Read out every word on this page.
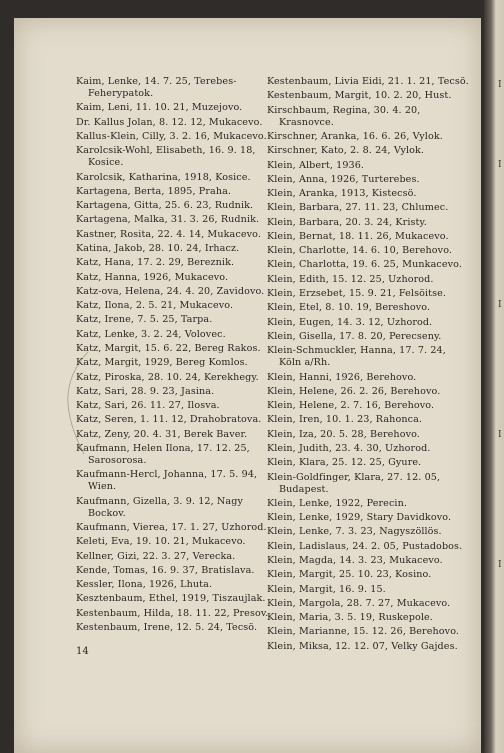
Kaim, Lenke, 14. 7. 25, Terebes-Feherypatok.
Kaim, Leni, 11. 10. 21, Muzejovo.
Dr. Kallus Jolan, 8. 12. 12, Mukacevo.
Kallus-Klein, Cilly, 3. 2. 16, Mukacevo.
Karolcsik-Wohl, Elisabeth, 16. 9. 18, Kosice.
Karolcsik, Katharina, 1918, Kosice.
Kartagena, Berta, 1895, Praha.
Kartagena, Gitta, 25. 6. 23, Rudnik.
Kartagena, Malka, 31. 3. 26, Rudnik.
Kastner, Rosita, 22. 4. 14, Mukacevo.
Katina, Jakob, 28. 10. 24, Irhacz.
Katz, Hana, 17. 2. 29, Bereznik.
Katz, Hanna, 1926, Mukacevo.
Katz-ova, Helena, 24. 4. 20, Zavidovo.
Katz, Ilona, 2. 5. 21, Mukacevo.
Katz, Irene, 7. 5. 25, Tarpa.
Katz, Lenke, 3. 2. 24, Volovec.
Katz, Margit, 15. 6. 22, Bereg Rakos.
Katz, Margit, 1929, Bereg Komlos.
Katz, Piroska, 28. 10. 24, Kerekhegy.
Katz, Sari, 28. 9. 23, Jasina.
Katz, Sari, 26. 11. 27, Ilosva.
Katz, Seren, 1. 11. 12, Drahobratova.
Katz, Zeny, 20. 4. 31, Berek Baver.
Kaufmann, Helen Ilona, 17. 12. 25, Sarosorosa.
Kaufmann-Hercl, Johanna, 17. 5. 94, Wien.
Kaufmann, Gizella, 3. 9. 12, Nagy Bockov.
Kaufmann, Vierea, 17. 1. 27, Uzhorod.
Keleti, Eva, 19. 10. 21, Mukacevo.
Kellner, Gizi, 22. 3. 27, Verecka.
Kende, Tomas, 16. 9. 37, Bratislava.
Kessler, Ilona, 1926, Lhuta.
Kesztenbaum, Ethel, 1919, Tiszaujlak.
Kestenbaum, Hilda, 18. 11. 22, Presov.
Kestenbaum, Irene, 12. 5. 24, Tecsö.
Kestenbaum, Livia Eidi, 21. 1. 21, Tecsö.
Kestenbaum, Margit, 10. 2. 20, Hust.
Kirschbaum, Regina, 30. 4. 20, Krasnovce.
Kirschner, Aranka, 16. 6. 26, Vylok.
Kirschner, Kato, 2. 8. 24, Vylok.
Klein, Albert, 1936.
Klein, Anna, 1926, Turterebes.
Klein, Aranka, 1913, Kistecsö.
Klein, Barbara, 27. 11. 23, Chlumec.
Klein, Barbara, 20. 3. 24, Kristy.
Klein, Bernat, 18. 11. 26, Mukacevo.
Klein, Charlotte, 14. 6. 10, Berehovo.
Klein, Charlotta, 19. 6. 25, Munkacevo.
Klein, Edith, 15. 12. 25, Uzhorod.
Klein, Erzsebet, 15. 9. 21, Felsöitse.
Klein, Etel, 8. 10. 19, Bereshovo.
Klein, Eugen, 14. 3. 12, Uzhorod.
Klein, Gisella, 17. 8. 20, Perecseny.
Klein-Schmuckler, Hanna, 17. 7. 24, Köln a/Rh.
Klein, Hanni, 1926, Berehovo.
Klein, Helene, 26. 2. 26, Berehovo.
Klein, Helene, 2. 7. 16, Berehovo.
Klein, Iren, 10. 1. 23, Rahonca.
Klein, Iza, 20. 5. 28, Berehovo.
Klein, Judith, 23. 4. 30, Uzhorod.
Klein, Klara, 25. 12. 25, Gyure.
Klein-Goldfinger, Klara, 27. 12. 05, Budapest.
Klein, Lenke, 1922, Perecin.
Klein, Lenke, 1929, Stary Davidkovo.
Klein, Lenke, 7. 3. 23, Nagyszöllös.
Klein, Ladislaus, 24. 2. 05, Pustadobos.
Klein, Magda, 14. 3. 23, Mukacevo.
Klein, Margit, 25. 10. 23, Kosino.
Klein, Margit, 16. 9. 15.
Klein, Margola, 28. 7. 27, Mukacevo.
Klein, Maria, 3. 5. 19, Ruskepole.
Klein, Marianne, 15. 12. 26, Berehovo.
Klein, Miksa, 12. 12. 07, Velky Gajdes.
14
I
I
I
I
I
